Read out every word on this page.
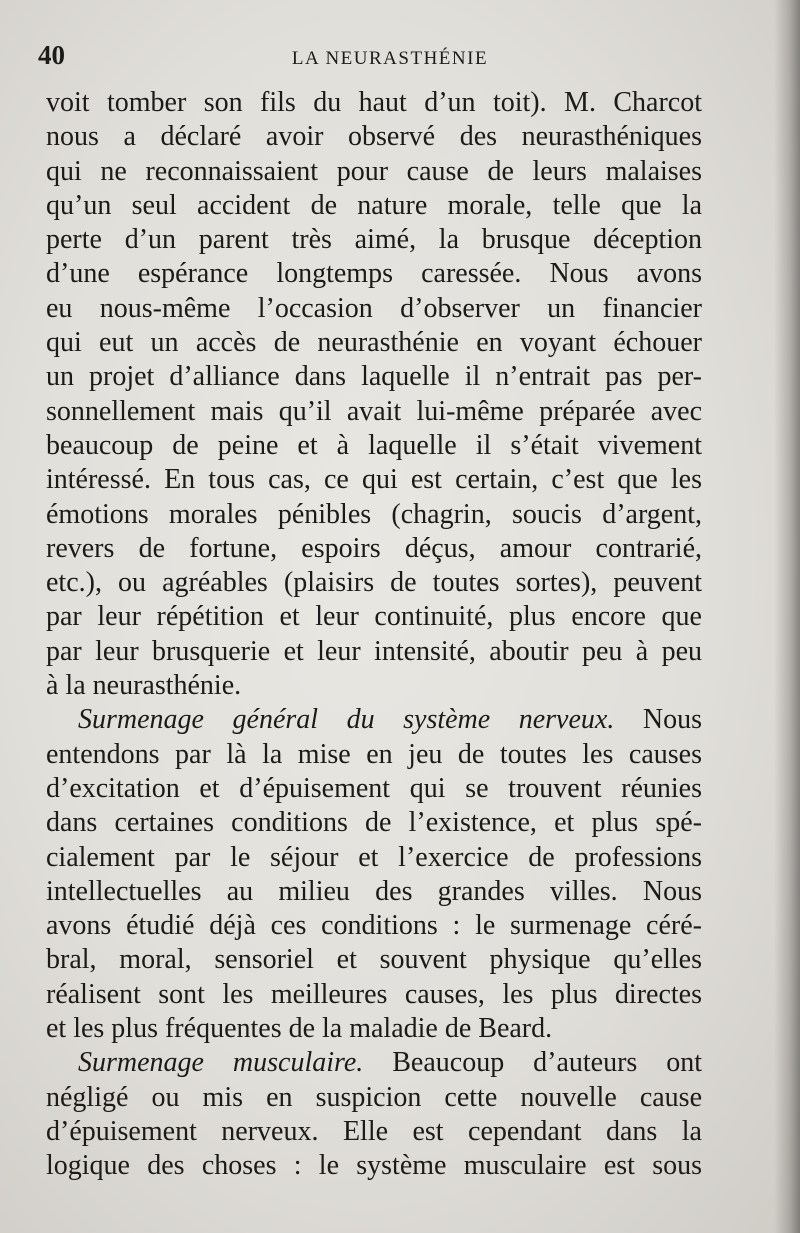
40	LA NEURASTHÉNIE
voit tomber son fils du haut d’un toit). M. Charcot
nous a déclaré avoir observé des neurasthéniques
qui ne reconnaissaient pour cause de leurs malaises
qu’un seul accident de nature morale, telle que la
perte d’un parent très aimé, la brusque déception
d’une espérance longtemps caressée. Nous avons
eu nous-même l’occasion d’observer un financier
qui eut un accès de neurasthénie en voyant échouer
un projet d’alliance dans laquelle il n’entrait pas per-
sonnellement mais qu’il avait lui-même préparée avec
beaucoup de peine et à laquelle il s’était vivement
intéressé. En tous cas, ce qui est certain, c’est que les
émotions morales pénibles (chagrin, soucis d’argent,
revers de fortune, espoirs déçus, amour contrarié,
etc.), ou agréables (plaisirs de toutes sortes), peuvent
par leur répétition et leur continuité, plus encore que
par leur brusquerie et leur intensité, aboutir peu à peu
à la neurasthénie.
Surmenage général du système nerveux. Nous
entendons par là la mise en jeu de toutes les causes
d’excitation et d’épuisement qui se trouvent réunies
dans certaines conditions de l’existence, et plus spé-
cialement par le séjour et l’exercice de professions
intellectuelles au milieu des grandes villes. Nous
avons étudié déjà ces conditions : le surmenage céré-
bral, moral, sensoriel et souvent physique qu’elles
réalisent sont les meilleures causes, les plus directes
et les plus fréquentes de la maladie de Beard.
Surmenage musculaire. Beaucoup d’auteurs ont
négligé ou mis en suspicion cette nouvelle cause
d’épuisement nerveux. Elle est cependant dans la
logique des choses : le système musculaire est sous
